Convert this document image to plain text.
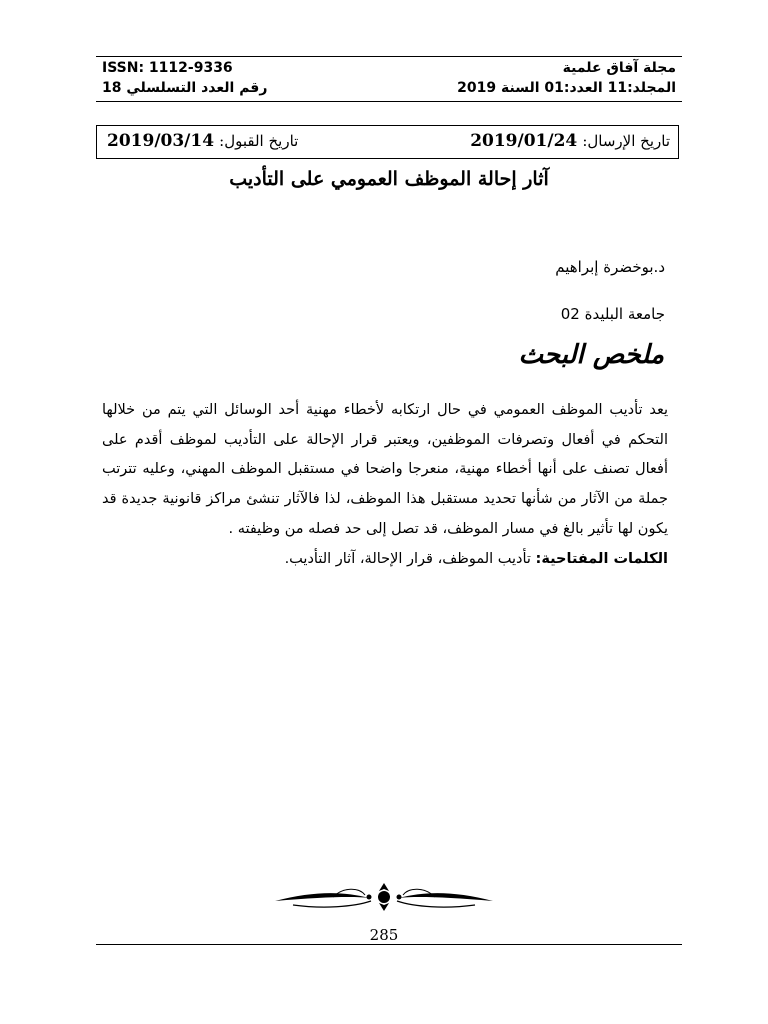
ISSN: 1112-9336	مجلة آفاق علمية
رقم العدد التسلسلي 18	المجلد:11 العدد:01 السنة 2019
تاريخ الإرسال: 2019/01/24
تاريخ القبول: 2019/03/14
آثار إحالة الموظف العمومي على التأديب
د.بوخضرة إبراهيم
جامعة البليدة 02
ملخص البحث

يعد تأديب الموظف العمومي في حال ارتكابه لأخطاء مهنية أحد الوسائل التي يتم من خلالها التحكم في أفعال وتصرفات الموظفين، ويعتبر قرار الإحالة على التأديب لموظف أقدم على أفعال تصنف على أنها أخطاء مهنية، منعرجا واضحا في مستقبل الموظف المهني، وعليه تترتب جملة من الآثار من شأنها تحديد مستقبل هذا الموظف، لذا فالآثار تنشئ مراكز قانونية جديدة قد يكون لها تأثير بالغ في مسار الموظف، قد تصل إلى حد فصله من وظيفته .

الكلمات المفتاحية: تأديب الموظف، قرار الإحالة، آثار التأديب.

285
